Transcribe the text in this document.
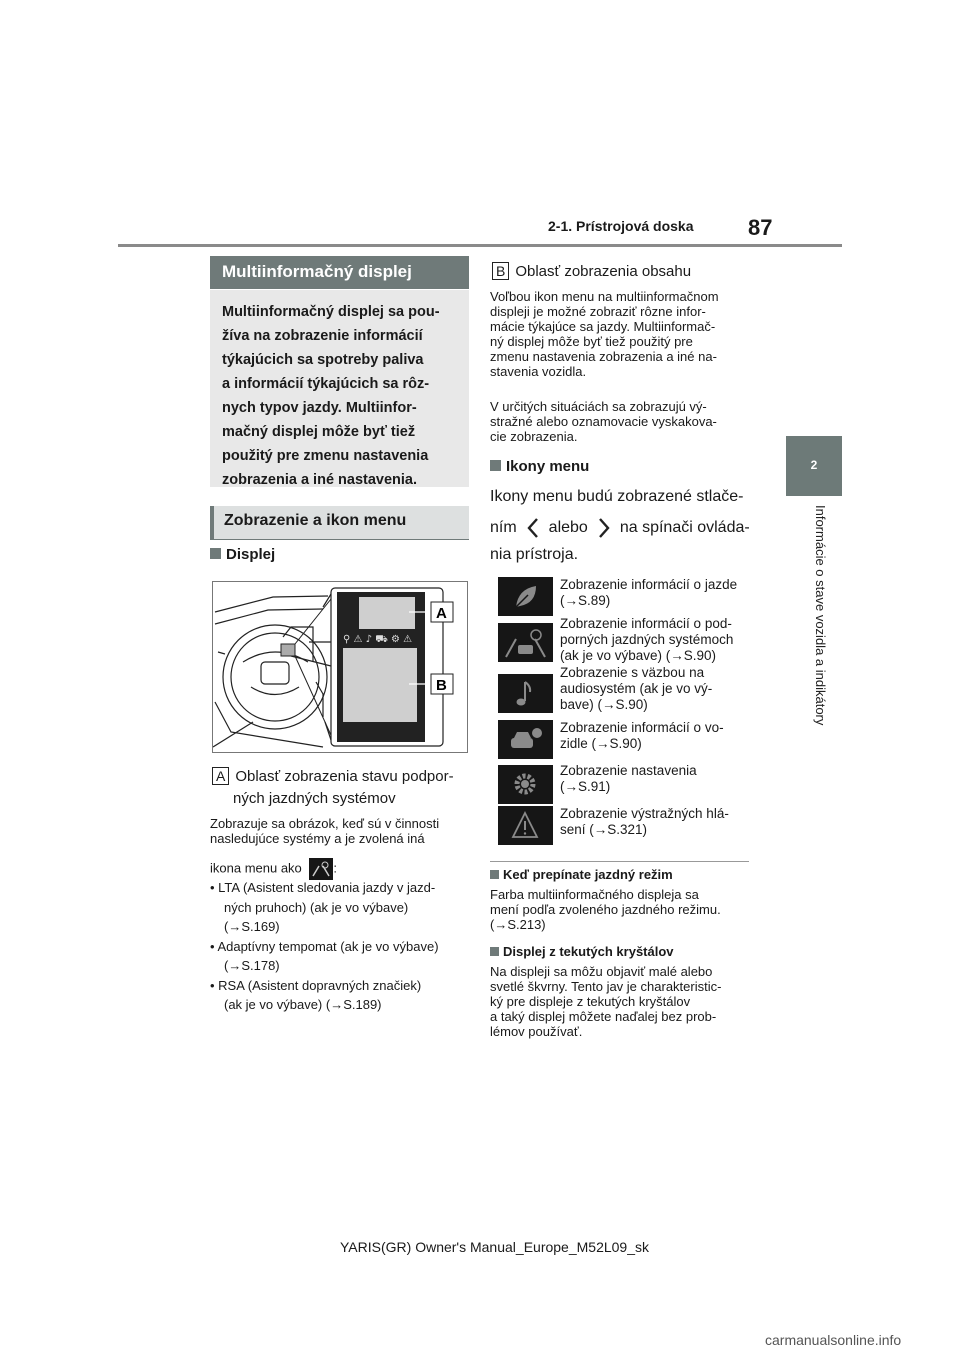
2-1. Prístrojová doska 87
2
Informácie o stave vozidla a indikátory
Multiinformačný displej
Multiinformačný displej sa pou-
žíva na zobrazenie informácií
týkajúcich sa spotreby paliva
a informácií týkajúcich sa rôz-
nych typov jazdy. Multiinfor-
mačný displej môže byť tiež
použitý pre zmenu nastavenia
zobrazenia a iné nastavenia.
Zobrazenie a ikon menu
Displej
⚲ ⚠ ♪ ⛟ ⚙ ⚠
A
B
A Oblasť zobrazenia stavu podpor-
ných jazdných systémov
Zobrazuje sa obrázok, keď sú v činnosti
nasledujúce systémy a je zvolená iná
ikona menu ako :
• LTA (Asistent sledovania jazdy v jazd-
ných pruhoch) (ak je vo výbave)
(→S.169)
• Adaptívny tempomat (ak je vo výbave)
(→S.178)
• RSA (Asistent dopravných značiek)
(ak je vo výbave) (→S.189)
B Oblasť zobrazenia obsahu
Voľbou ikon menu na multiinformačnom
displeji je možné zobraziť rôzne infor-
mácie týkajúce sa jazdy. Multiinformač-
ný displej môže byť tiež použitý pre
zmenu nastavenia zobrazenia a iné na-
stavenia vozidla.
V určitých situáciách sa zobrazujú vý-
stražné alebo oznamovacie vyskakova-
cie zobrazenia.
Ikony menu
Ikony menu budú zobrazené stlače-
ním alebo na spínači ovláda-
nia prístroja.
Zobrazenie informácií o jazde
(→S.89)
Zobrazenie informácií o pod-
porných jazdných systémoch
(ak je vo výbave) (→S.90)
Zobrazenie s väzbou na
audiosystém (ak je vo vý-
bave) (→S.90)
Zobrazenie informácií o vo-
zidle (→S.90)
Zobrazenie nastavenia
(→S.91)
Zobrazenie výstražných hlá-
sení (→S.321)
Keď prepínate jazdný režim
Farba multiinformačného displeja sa
mení podľa zvoleného jazdného režimu.
(→S.213)
Displej z tekutých kryštálov
Na displeji sa môžu objaviť malé alebo
svetlé škvrny. Tento jav je charakteristic-
ký pre displeje z tekutých kryštálov
a taký displej môžete naďalej bez prob-
lémov používať.
YARIS(GR) Owner's Manual_Europe_M52L09_sk
carmanualsonline.info
